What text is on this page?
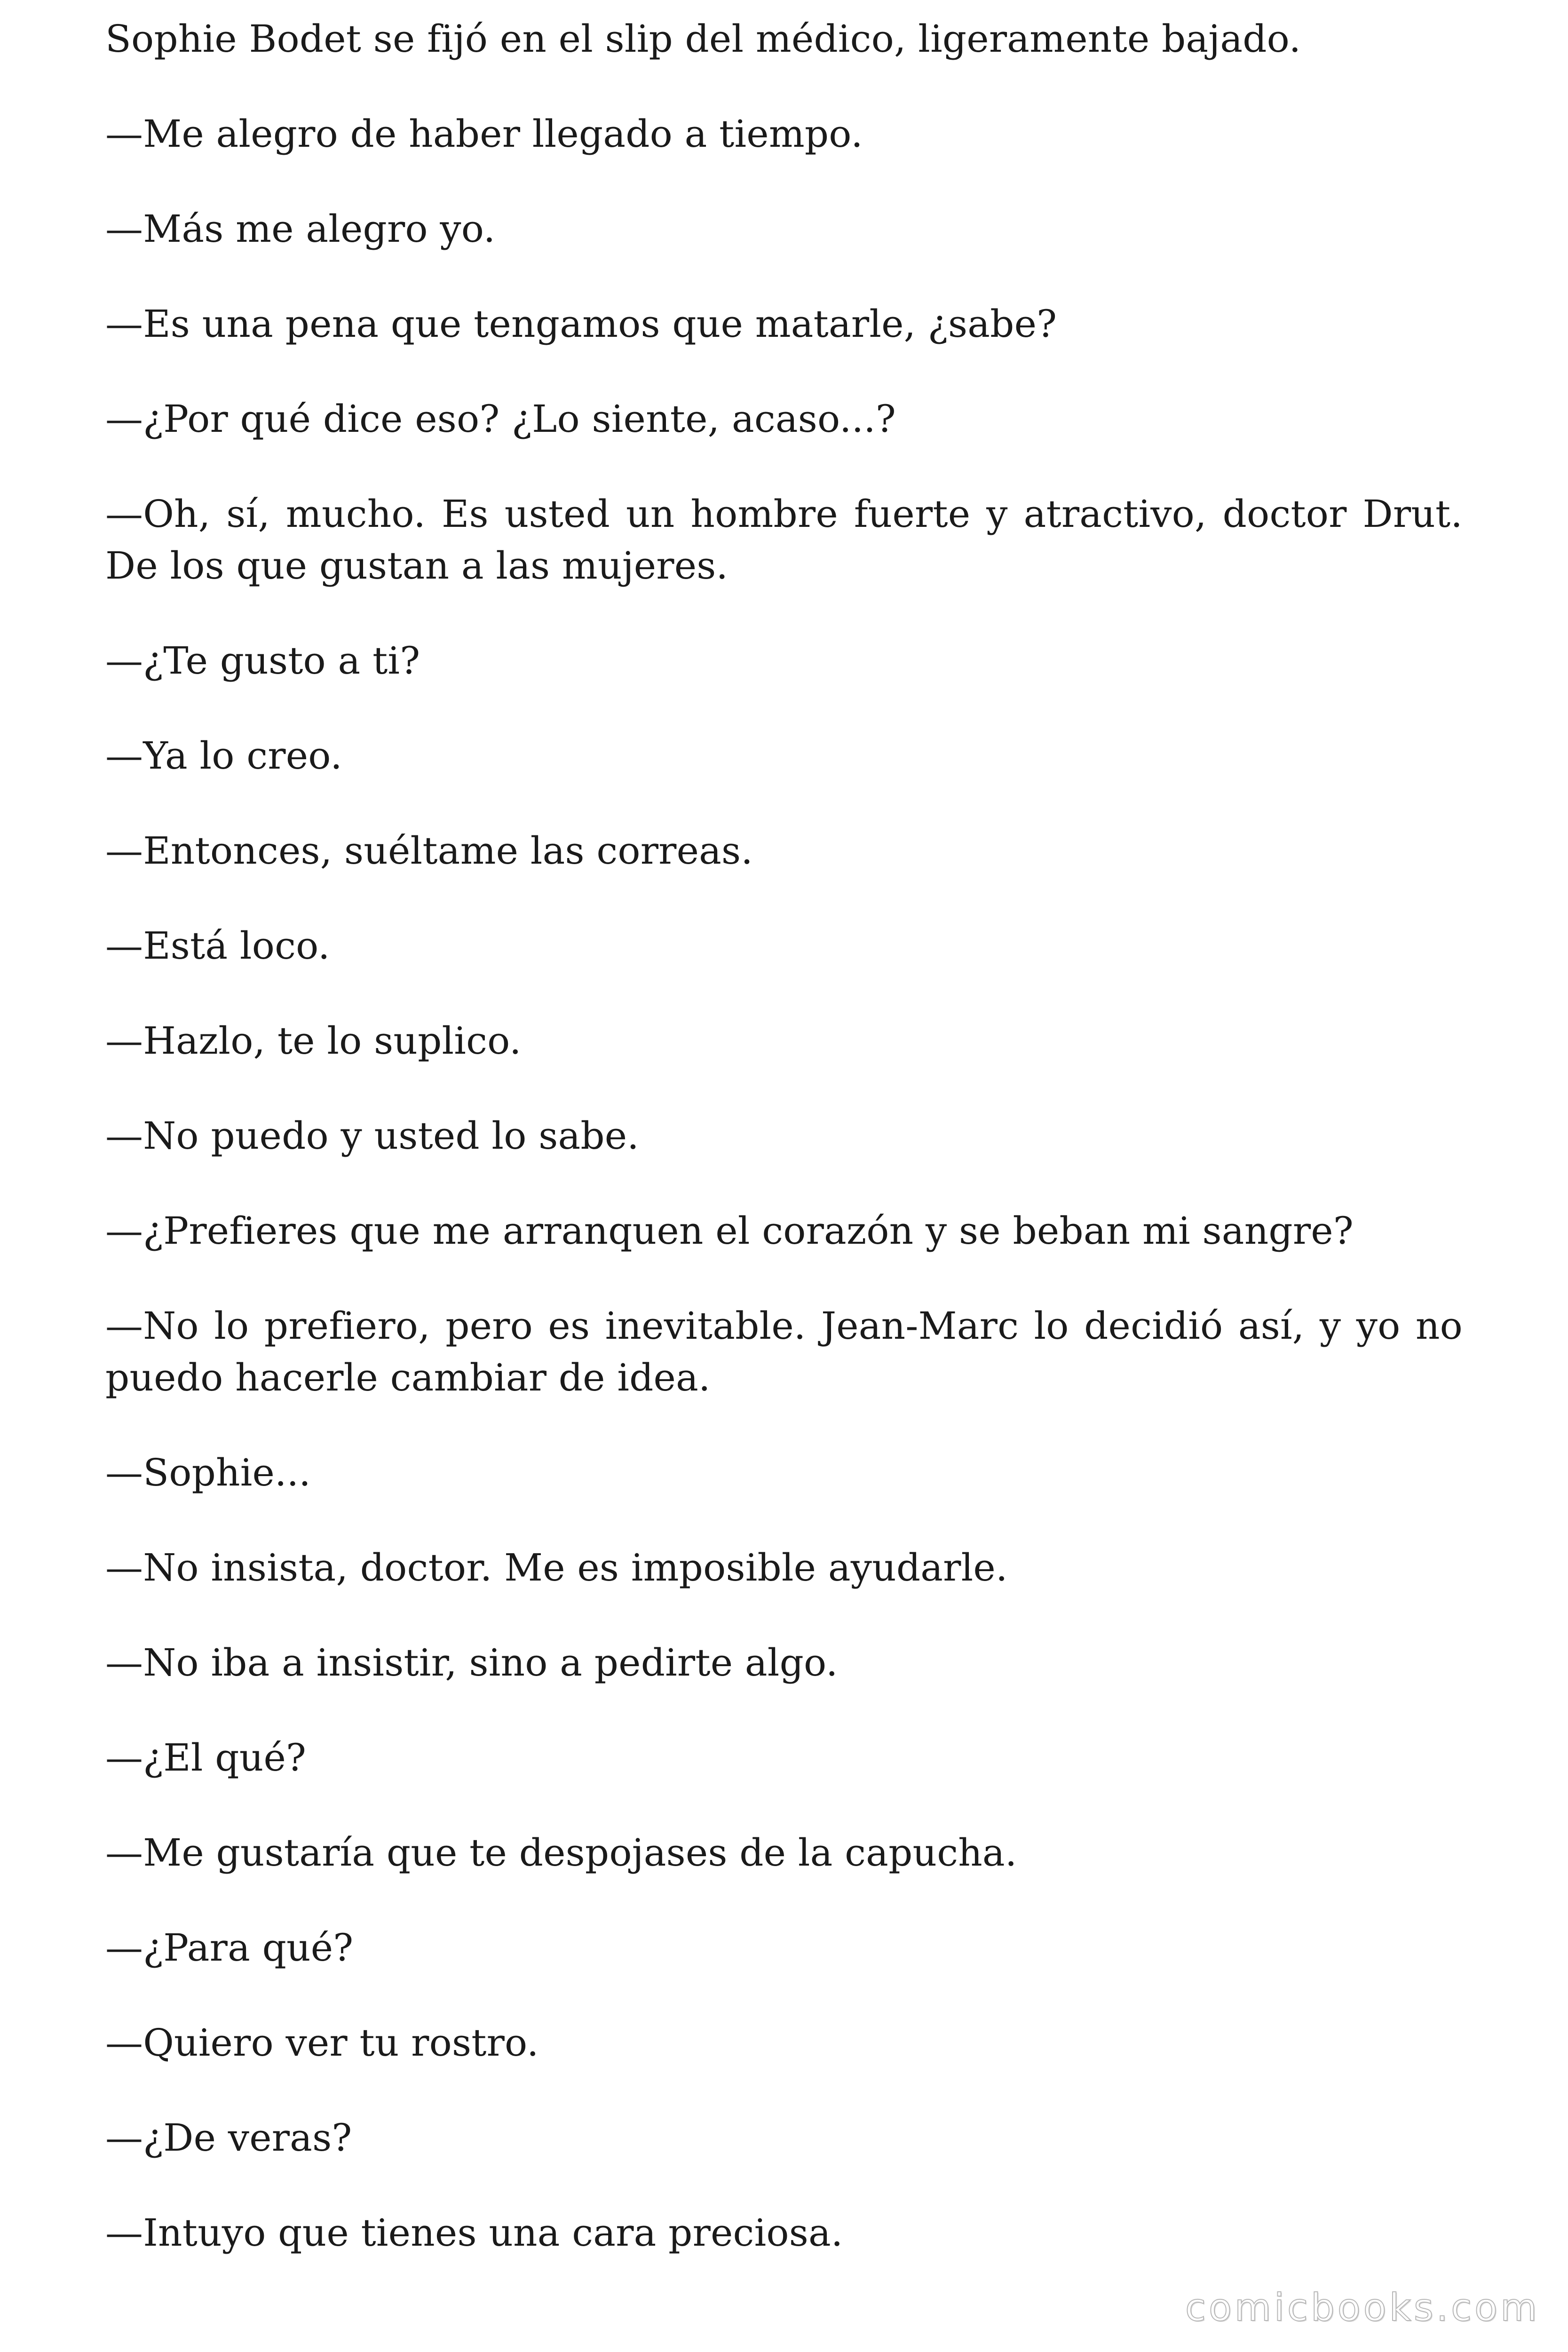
Sophie Bodet se fijó en el slip del médico, ligeramente bajado.

—Me alegro de haber llegado a tiempo.

—Más me alegro yo.

—Es una pena que tengamos que matarle, ¿sabe?

—¿Por qué dice eso? ¿Lo siente, acaso...?

—Oh, sí, mucho. Es usted un hombre fuerte y atractivo, doctor Drut. De los que gustan a las mujeres.

—¿Te gusto a ti?

—Ya lo creo.

—Entonces, suéltame las correas.

—Está loco.

—Hazlo, te lo suplico.

—No puedo y usted lo sabe.

—¿Prefieres que me arranquen el corazón y se beban mi sangre?

—No lo prefiero, pero es inevitable. Jean-Marc lo decidió así, y yo no puedo hacerle cambiar de idea.

—Sophie...

—No insista, doctor. Me es imposible ayudarle.

—No iba a insistir, sino a pedirte algo.

—¿El qué?

—Me gustaría que te despojases de la capucha.

—¿Para qué?

—Quiero ver tu rostro.

—¿De veras?

—Intuyo que tienes una cara preciosa.

comicbooks.com
